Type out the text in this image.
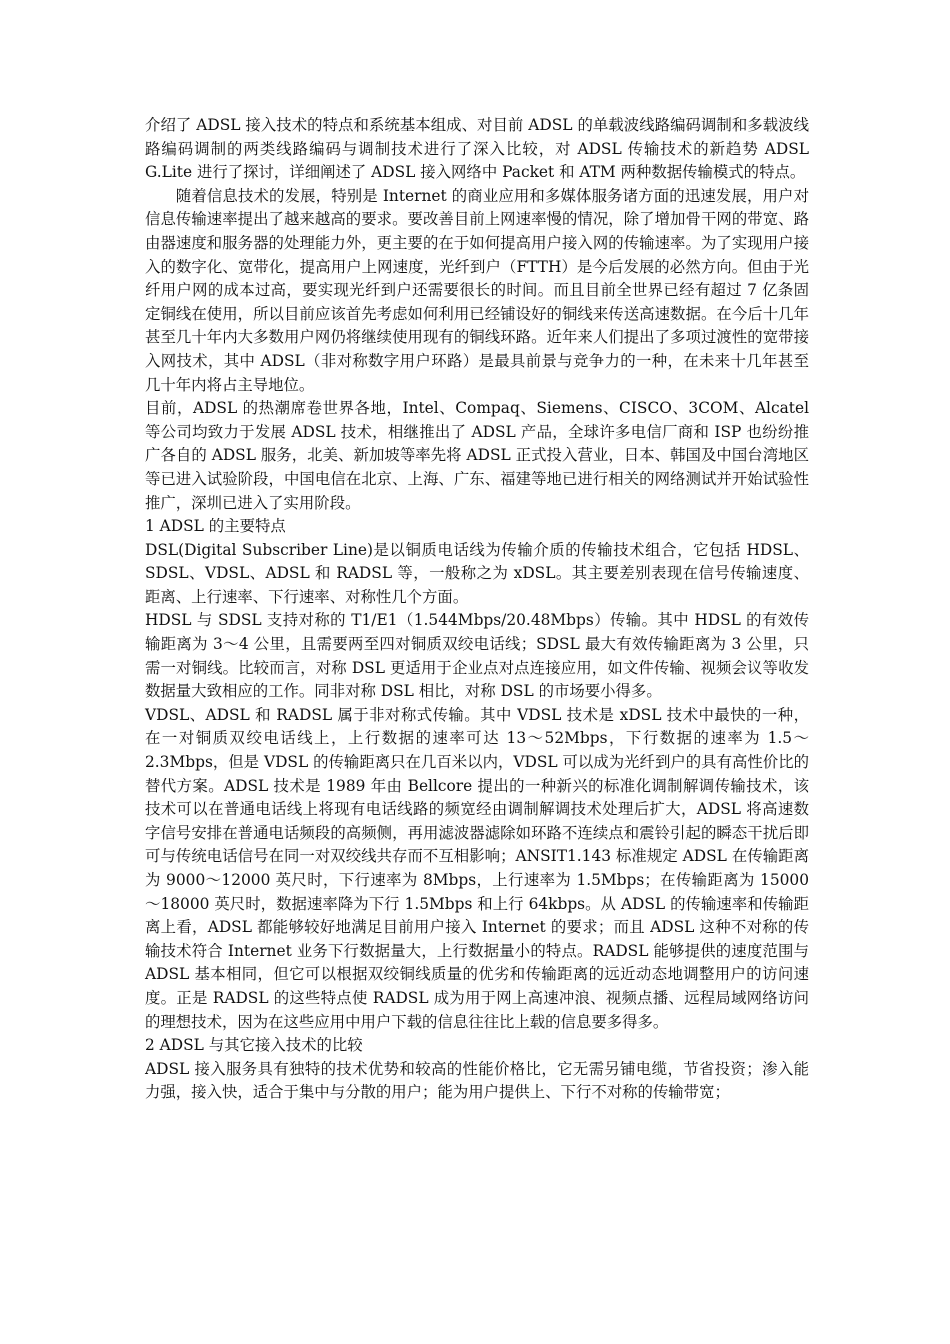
介绍了 ADSL 接入技术的特点和系统基本组成、对目前 ADSL 的单载波线路编码调制和多载波线路编码调制的两类线路编码与调制技术进行了深入比较，对 ADSL 传输技术的新趋势 ADSL G.Lite 进行了探讨，详细阐述了 ADSL 接入网络中 Packet 和 ATM 两种数据传输模式的特点。

随着信息技术的发展，特别是 Internet 的商业应用和多媒体服务诸方面的迅速发展，用户对信息传输速率提出了越来越高的要求。要改善目前上网速率慢的情况，除了增加骨干网的带宽、路由器速度和服务器的处理能力外，更主要的在于如何提高用户接入网的传输速率。为了实现用户接入的数字化、宽带化，提高用户上网速度，光纤到户（FTTH）是今后发展的必然方向。但由于光纤用户网的成本过高，要实现光纤到户还需要很长的时间。而且目前全世界已经有超过 7 亿条固定铜线在使用，所以目前应该首先考虑如何利用已经铺设好的铜线来传送高速数据。在今后十几年甚至几十年内大多数用户网仍将继续使用现有的铜线环路。近年来人们提出了多项过渡性的宽带接入网技术，其中 ADSL（非对称数字用户环路）是最具前景与竞争力的一种，在未来十几年甚至几十年内将占主导地位。

目前，ADSL 的热潮席卷世界各地，Intel、Compaq、Siemens、CISCO、3COM、Alcatel 等公司均致力于发展 ADSL 技术，相继推出了 ADSL 产品，全球许多电信厂商和 ISP 也纷纷推广各自的 ADSL 服务，北美、新加坡等率先将 ADSL 正式投入营业，日本、韩国及中国台湾地区等已进入试验阶段，中国电信在北京、上海、广东、福建等地已进行相关的网络测试并开始试验性推广，深圳已进入了实用阶段。

1 ADSL 的主要特点

DSL(Digital Subscriber Line)是以铜质电话线为传输介质的传输技术组合，它包括 HDSL、SDSL、VDSL、ADSL 和 RADSL 等，一般称之为 xDSL。其主要差别表现在信号传输速度、距离、上行速率、下行速率、对称性几个方面。

HDSL 与 SDSL 支持对称的 T1/E1（1.544Mbps/20.48Mbps）传输。其中 HDSL 的有效传输距离为 3～4 公里，且需要两至四对铜质双绞电话线；SDSL 最大有效传输距离为 3 公里，只需一对铜线。比较而言，对称 DSL 更适用于企业点对点连接应用，如文件传输、视频会议等收发数据量大致相应的工作。同非对称 DSL 相比，对称 DSL 的市场要小得多。

VDSL、ADSL 和 RADSL 属于非对称式传输。其中 VDSL 技术是 xDSL 技术中最快的一种，在一对铜质双绞电话线上，上行数据的速率可达 13～52Mbps，下行数据的速率为 1.5～2.3Mbps，但是 VDSL 的传输距离只在几百米以内，VDSL 可以成为光纤到户的具有高性价比的替代方案。ADSL 技术是 1989 年由 Bellcore 提出的一种新兴的标准化调制解调传输技术，该技术可以在普通电话线上将现有电话线路的频宽经由调制解调技术处理后扩大，ADSL 将高速数字信号安排在普通电话频段的高频侧，再用滤波器滤除如环路不连续点和震铃引起的瞬态干扰后即可与传统电话信号在同一对双绞线共存而不互相影响；ANSIT1.143 标准规定 ADSL 在传输距离为 9000～12000 英尺时，下行速率为 8Mbps，上行速率为 1.5Mbps；在传输距离为 15000～18000 英尺时，数据速率降为下行 1.5Mbps 和上行 64kbps。从 ADSL 的传输速率和传输距离上看，ADSL 都能够较好地满足目前用户接入 Internet 的要求；而且 ADSL 这种不对称的传输技术符合 Internet 业务下行数据量大，上行数据量小的特点。RADSL 能够提供的速度范围与 ADSL 基本相同，但它可以根据双绞铜线质量的优劣和传输距离的远近动态地调整用户的访问速度。正是 RADSL 的这些特点使 RADSL 成为用于网上高速冲浪、视频点播、远程局域网络访问的理想技术，因为在这些应用中用户下载的信息往往比上载的信息要多得多。

2 ADSL 与其它接入技术的比较

ADSL 接入服务具有独特的技术优势和较高的性能价格比，它无需另铺电缆，节省投资；渗入能力强，接入快，适合于集中与分散的用户；能为用户提供上、下行不对称的传输带宽；
